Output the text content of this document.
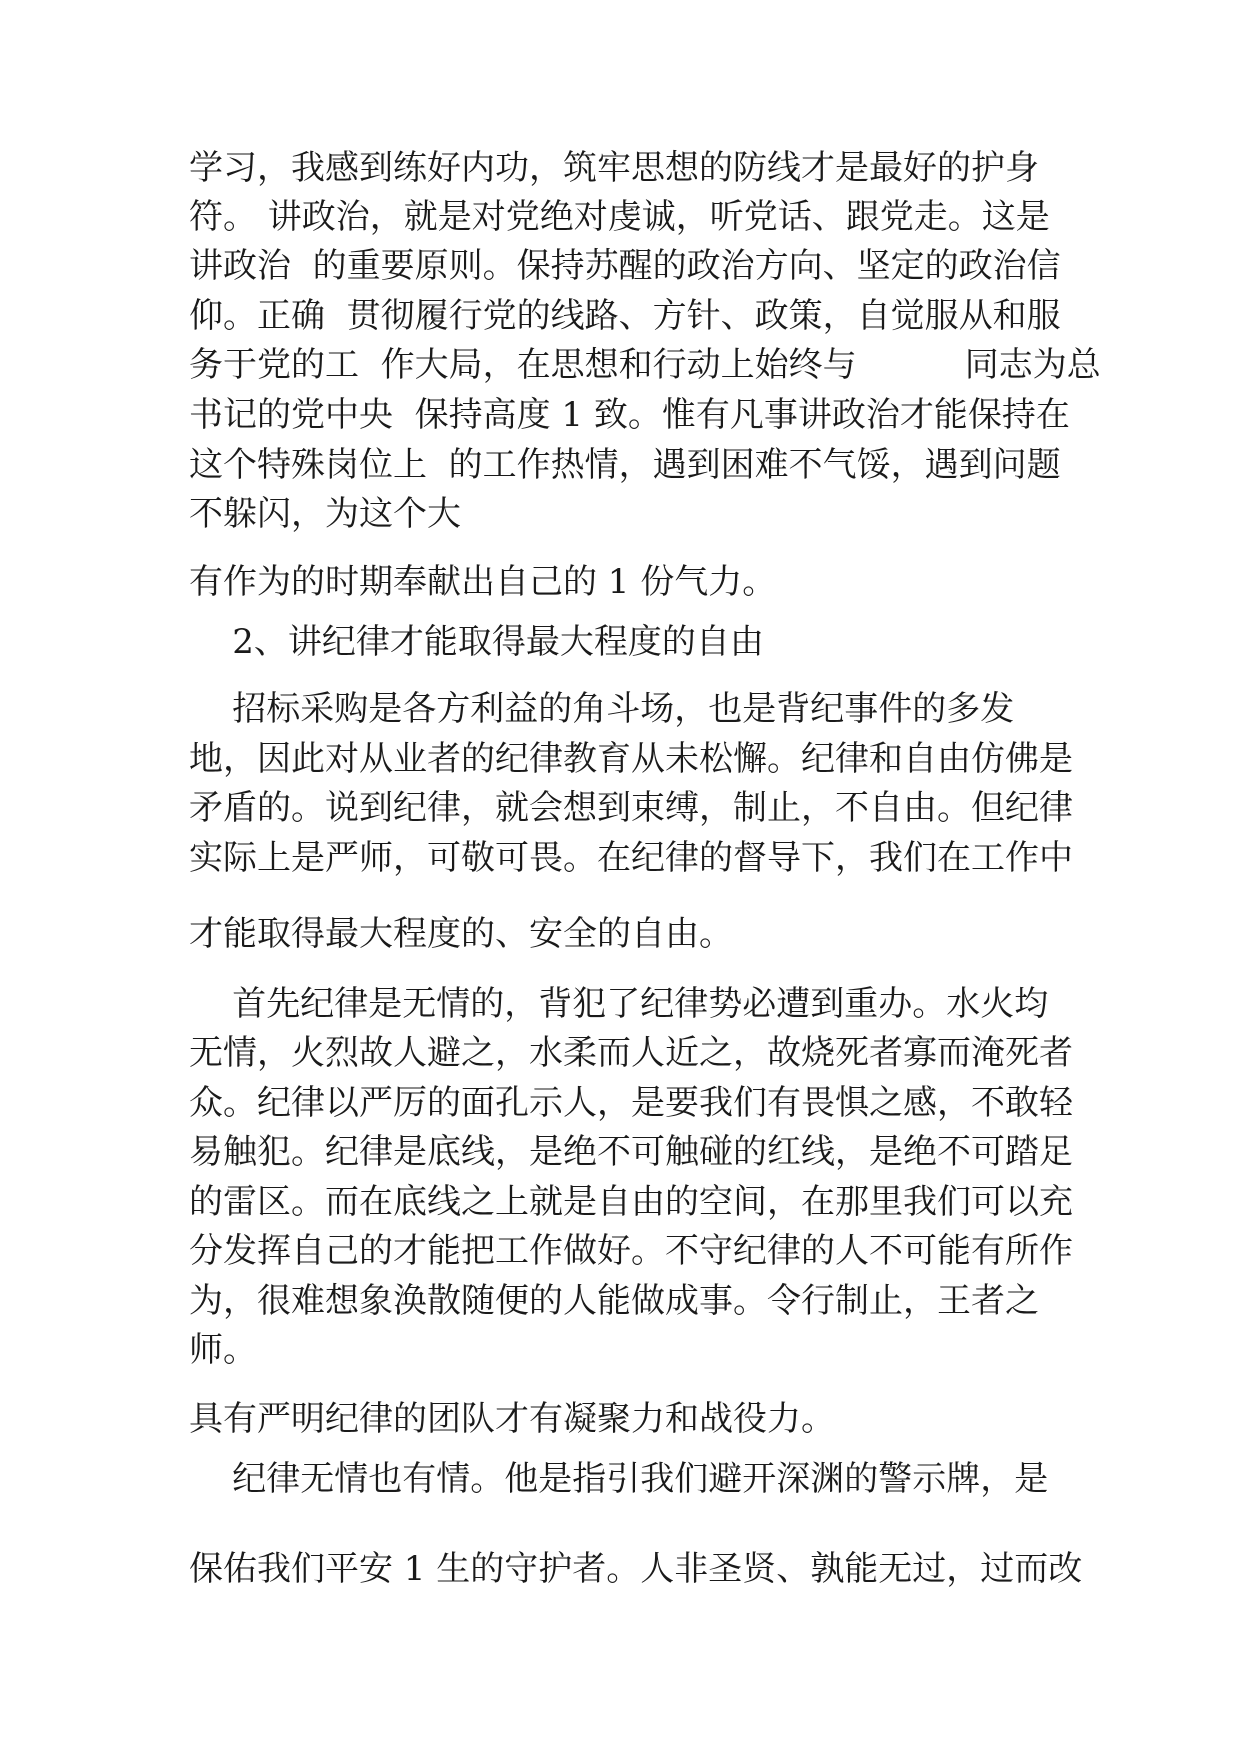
学习，我感到练好内功，筑牢思想的防线才是最好的护身

符。 讲政治，就是对党绝对虔诚，听党话、跟党走。这是

讲政治  的重要原则。保持苏醒的政治方向、坚定的政治信

仰。正确  贯彻履行党的线路、方针、政策，自觉服从和服

务于党的工  作大局，在思想和行动上始终与          同志为总

书记的党中央  保持高度 1 致。惟有凡事讲政治才能保持在

这个特殊岗位上  的工作热情，遇到困难不气馁，遇到问题

不躲闪，为这个大

有作为的时期奉献出自己的 1 份气力。

2、讲纪律才能取得最大程度的自由

招标采购是各方利益的角斗场，也是背纪事件的多发

地，因此对从业者的纪律教育从未松懈。纪律和自由仿佛是

矛盾的。说到纪律，就会想到束缚，制止，不自由。但纪律

实际上是严师，可敬可畏。在纪律的督导下，我们在工作中

才能取得最大程度的、安全的自由。

首先纪律是无情的，背犯了纪律势必遭到重办。水火均

无情，火烈故人避之，水柔而人近之，故烧死者寡而淹死者

众。纪律以严厉的面孔示人，是要我们有畏惧之感，不敢轻

易触犯。纪律是底线，是绝不可触碰的红线，是绝不可踏足

的雷区。而在底线之上就是自由的空间，在那里我们可以充

分发挥自己的才能把工作做好。不守纪律的人不可能有所作

为，很难想象涣散随便的人能做成事。令行制止，王者之

师。

具有严明纪律的团队才有凝聚力和战役力。

纪律无情也有情。他是指引我们避开深渊的警示牌，是

保佑我们平安 1 生的守护者。人非圣贤、孰能无过，过而改
